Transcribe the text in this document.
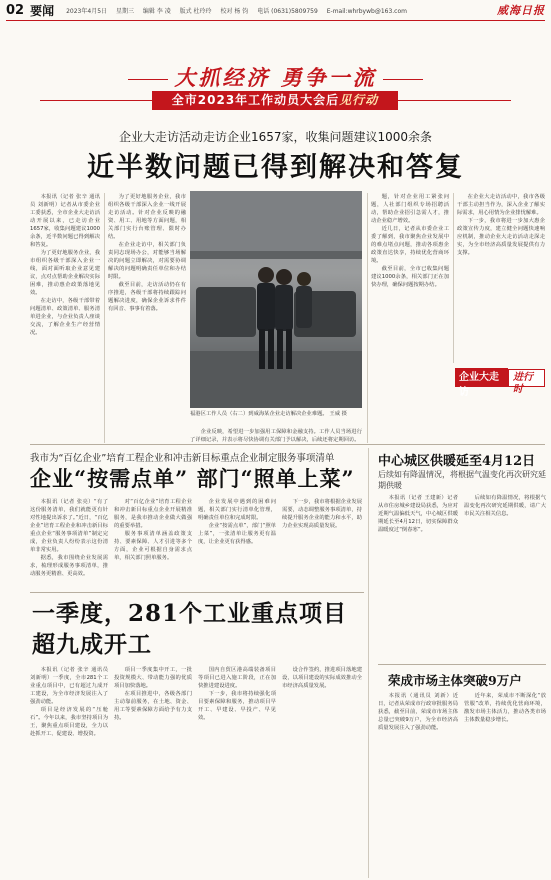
02 要闻 2023年4月5日 星期三 编辑 李 凌 版式 杜玲玲 校对 杨 钧 电话 (0631)5809759 E-mail:whrbywb@163.com	威海日报
大抓经济 勇争一流
全市2023年工作动员大会后见行动
企业大走访活动走访企业1657家，收集问题建议1000余条
近半数问题已得到解决和答复

本报讯（记者 张辛 通讯员 刘新明）记者从市委企业工委获悉，全市企业大走访活动开展以来，已走访企业1657家，收集问题建议1000余条，近半数问题已得到解决和答复。

为了更好地服务企业，我市组织各级干部深入企业一线，面对面听取企业意见建议，点对点帮助企业解决实际困难，推动惠企政策落地见效。

在走访中，各级干部带着问题清单、政策清单、服务清单进企业，与企业负责人座谈交流，了解企业生产经营情况。

为了更好地服务企业，我市组织各级干部深入企业一线开展走访活动。针对企业反映的融资、用工、用地等方面问题，相关部门实行台账管理、限时办结。

在企业走访中，相关部门负责同志现场办公，对能够当场解决的问题立即解决，对需要协调解决的问题明确责任单位和办结时限。

截至目前，走访活动仍在有序推进，各级干部将持续跟踪问题解决进度，确保企业诉求件件有回音、事事有着落。

福港区工作人员（右二）到威海某企业走访解决企业难题。 王威 摄

企业反映，希望进一步加强用工保障和金融支持。工作人员当场进行了详细记录，并表示将尽快协调有关部门予以解决，后续还将定期回访。

题，针对企业用工紧张问题，人社部门组织专场招聘活动，帮助企业招引急需人才，推动企业稳产增效。

近几日，记者从市委企业工委了解到，我市聚焦企业发展中的难点堵点问题，推动各项惠企政策直达快享，持续优化营商环境。

截至目前，全市已收集问题建议1000余条，相关部门正在加快办理，确保问题按期办结。

在企业大走访活动中，我市各级干部主动担当作为，深入企业了解实际需求，用心用情为企业排忧解难。

下一步，我市将进一步加大惠企政策宣传力度，建立健全问题快速响应机制，推动企业大走访活动走深走实，为全市经济高质量发展提供有力支撑。

企业大走访
进行时
我市为“百亿企业”培育工程企业和冲击新目标重点企业制定服务事项清单
企业“按需点单” 部门“照单上菜”

本报讯（记者 张亮）“有了这份服务清单，我们就能更有针对性地提出诉求了。”近日，“百亿企业”培育工程企业和冲击新目标重点企业“服务事项清单”制定完成，企业负责人纷纷表示这份清单非常实用。

据悉，我市围绕企业发展需求，梳理形成服务事项清单，推动服务更精准、更高效。

对“百亿企业”培育工程企业和冲击新目标重点企业开展精准服务，是我市推动企业做大做强的重要举措。

服务事项清单涵盖政策支持、要素保障、人才引进等多个方面，企业可根据自身需求点单，相关部门照单服务。

企业发展中遇到的困难问题，相关部门实行清单化管理，明确责任单位和完成时限。

企业“按需点单”，部门“照单上菜”，一张清单让服务更有温度，让企业更有获得感。

下一步，我市将根据企业发展需要，动态调整服务事项清单，持续提升服务企业的能力和水平，助力企业实现高质量发展。

中心城区供暖延至4月12日
后续如有降温情况，将根据气温变化再次研究延期供暖

本报讯（记者 王建新）记者从市住房城乡建设局获悉，为应对近期气温偏低天气，中心城区供暖期延长至4月12日，切实保障群众温暖度过“倒春寒”。

后续如有降温情况，将根据气温变化再次研究延期供暖，请广大市民关注相关信息。

荣成市场主体突破9万户

本报讯（通讯员 刘新）近日，记者从荣成市行政审批服务局获悉，截至目前，荣成市市场主体总量已突破9万户，为全市经济高质量发展注入了强劲动能。

近年来，荣成市不断深化“放管服”改革，持续优化营商环境，激发市场主体活力，推动各类市场主体数量稳步增长。

一季度，281个工业重点项目超九成开工

本报讯（记者 张辛 通讯员 刘新明）一季度，全市281个工业重点项目中，已有超过九成开工建设，为全市经济发展注入了强劲动能。

项目是经济发展的“压舱石”。今年以来，我市坚持项目为王，聚焦重点项目建设，全力以赴抓开工、促建设、增投资。

项目一季度集中开工，一批投资规模大、带动能力强的优质项目加快落地。

在项目推进中，各级各部门主动靠前服务，在土地、资金、用工等要素保障方面给予有力支持。

国内自贸区港高端装备项目等项目已进入施工阶段，正在加快推进建设进度。

下一步，我市将持续强化项目要素保障和服务，推动项目早开工、早建设、早投产、早见效。

设合作签约，推进项目落地建设，以项目建设的实际成效推动全市经济高质量发展。
